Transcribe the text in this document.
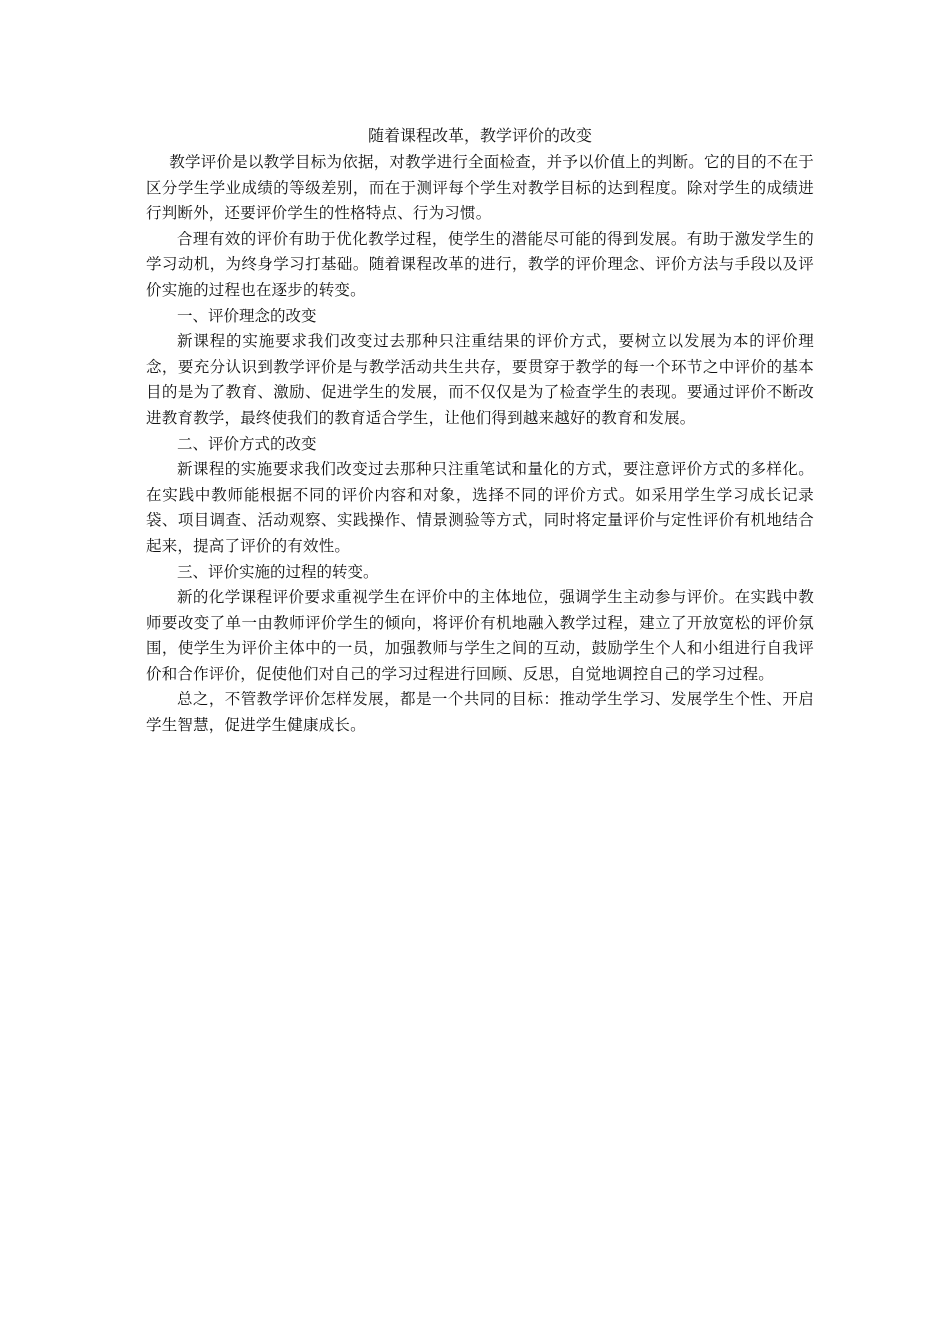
随着课程改革，教学评价的改变

教学评价是以教学目标为依据，对教学进行全面检查，并予以价值上的判断。它的目的不在于区分学生学业成绩的等级差别，而在于测评每个学生对教学目标的达到程度。除对学生的成绩进行判断外，还要评价学生的性格特点、行为习惯。

合理有效的评价有助于优化教学过程，使学生的潜能尽可能的得到发展。有助于激发学生的学习动机，为终身学习打基础。随着课程改革的进行，教学的评价理念、评价方法与手段以及评价实施的过程也在逐步的转变。

一、评价理念的改变

新课程的实施要求我们改变过去那种只注重结果的评价方式，要树立以发展为本的评价理念，要充分认识到教学评价是与教学活动共生共存，要贯穿于教学的每一个环节之中评价的基本目的是为了教育、激励、促进学生的发展，而不仅仅是为了检查学生的表现。要通过评价不断改进教育教学，最终使我们的教育适合学生，让他们得到越来越好的教育和发展。

二、评价方式的改变

新课程的实施要求我们改变过去那种只注重笔试和量化的方式，要注意评价方式的多样化。在实践中教师能根据不同的评价内容和对象，选择不同的评价方式。如采用学生学习成长记录袋、项目调查、活动观察、实践操作、情景测验等方式，同时将定量评价与定性评价有机地结合起来，提高了评价的有效性。

三、评价实施的过程的转变。

新的化学课程评价要求重视学生在评价中的主体地位，强调学生主动参与评价。在实践中教师要改变了单一由教师评价学生的倾向，将评价有机地融入教学过程，建立了开放宽松的评价氛围，使学生为评价主体中的一员，加强教师与学生之间的互动，鼓励学生个人和小组进行自我评价和合作评价，促使他们对自己的学习过程进行回顾、反思，自觉地调控自己的学习过程。

总之，不管教学评价怎样发展，都是一个共同的目标：推动学生学习、发展学生个性、开启学生智慧，促进学生健康成长。
